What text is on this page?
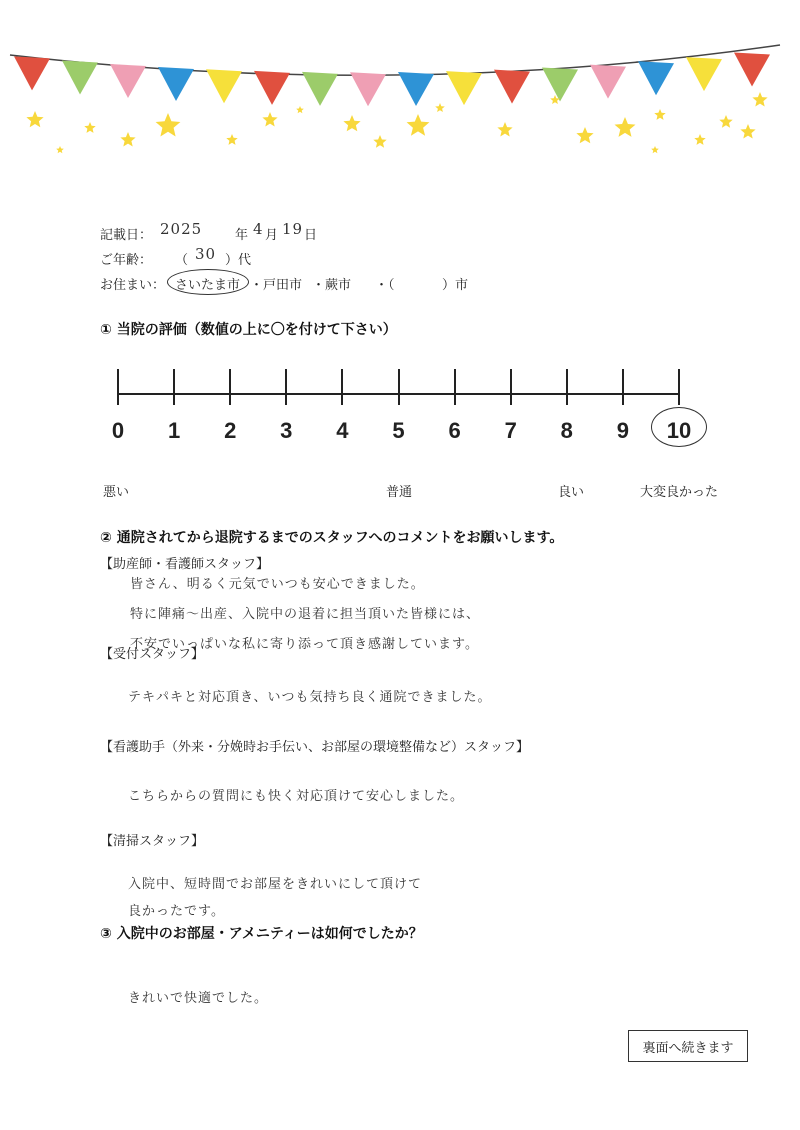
記載日： 2025	年 4 月 19 日
ご年齢： （ 30 ）代
お住まい： さいたま市 ・戸田市 ・蕨市 ・（	）市
① 当院の評価（数値の上に〇を付けて下さい）
0	1	2	3	4	5	6	7	8	9	10
悪い	普通	良い	大変良かった
② 通院されてから退院するまでのスタッフへのコメントをお願いします。
【助産師・看護師スタッフ】
皆さん、明るく元気でいつも安心できました。
特に陣痛～出産、入院中の退着に担当頂いた皆様には、
不安でいっぱいな私に寄り添って頂き感謝しています。
【受付スタッフ】
テキパキと対応頂き、いつも気持ち良く通院できました。
【看護助手（外来・分娩時お手伝い、お部屋の環境整備など）スタッフ】
こちらからの質問にも快く対応頂けて安心しました。
【清掃スタッフ】
入院中、短時間でお部屋をきれいにして頂けて
良かったです。
③ 入院中のお部屋・アメニティーは如何でしたか？
きれいで快適でした。
裏面へ続きます
